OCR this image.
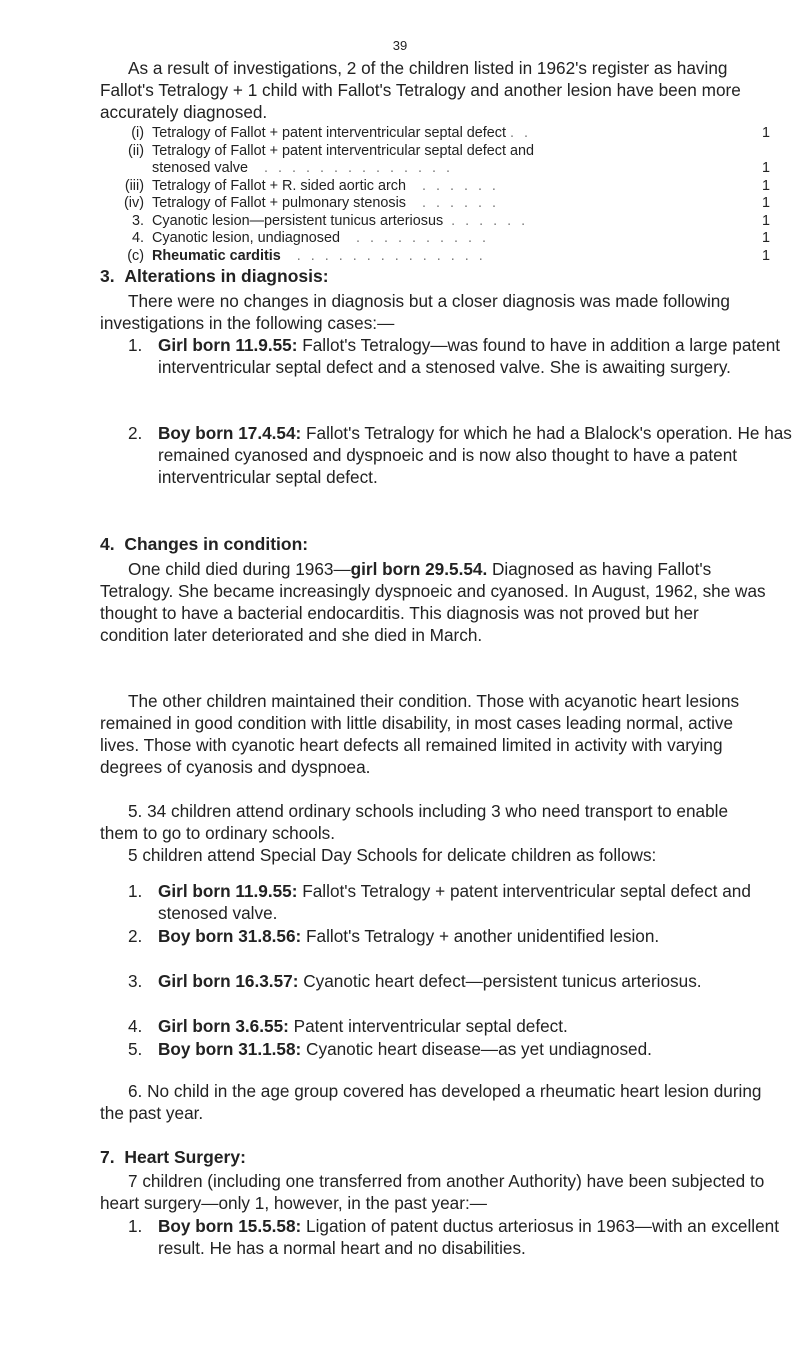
39

As a result of investigations, 2 of the children listed in 1962's register as having Fallot's Tetralogy + 1 child with Fallot's Tetralogy and another lesion have been more accurately diagnosed.

(i) Tetralogy of Fallot + patent interventricular septal defect . .	1
(ii) Tetralogy of Fallot + patent interventricular septal defect and
stenosed valve . . . . . . . . . . . . . .	1
(iii) Tetralogy of Fallot + R. sided aortic arch . . . . . .	1
(iv) Tetralogy of Fallot + pulmonary stenosis . . . . . .	1
3. Cyanotic lesion—persistent tunicus arteriosus . . . . . .	1
4. Cyanotic lesion, undiagnosed . . . . . . . . . .	1
(c) Rheumatic carditis . . . . . . . . . . . . . .	1
3. Alterations in diagnosis:

There were no changes in diagnosis but a closer diagnosis was made following investigations in the following cases:—

1. Girl born 11.9.55: Fallot's Tetralogy—was found to have in addition a large patent interventricular septal defect and a stenosed valve. She is awaiting surgery.

2. Boy born 17.4.54: Fallot's Tetralogy for which he had a Blalock's operation. He has remained cyanosed and dyspnoeic and is now also thought to have a patent interventricular septal defect.

4. Changes in condition:

One child died during 1963—girl born 29.5.54. Diagnosed as having Fallot's Tetralogy. She became increasingly dyspnoeic and cyanosed. In August, 1962, she was thought to have a bacterial endocarditis. This diagnosis was not proved but her condition later deteriorated and she died in March.

The other children maintained their condition. Those with acyanotic heart lesions remained in good condition with little disability, in most cases leading normal, active lives. Those with cyanotic heart defects all remained limited in activity with varying degrees of cyanosis and dyspnoea.

5. 34 children attend ordinary schools including 3 who need transport to enable them to go to ordinary schools.

5 children attend Special Day Schools for delicate children as follows:

1. Girl born 11.9.55: Fallot's Tetralogy + patent interventricular septal defect and stenosed valve.

2. Boy born 31.8.56: Fallot's Tetralogy + another unidentified lesion.

3. Girl born 16.3.57: Cyanotic heart defect—persistent tunicus arteriosus.

4. Girl born 3.6.55: Patent interventricular septal defect.

5. Boy born 31.1.58: Cyanotic heart disease—as yet undiagnosed.

6. No child in the age group covered has developed a rheumatic heart lesion during the past year.

7. Heart Surgery:

7 children (including one transferred from another Authority) have been subjected to heart surgery—only 1, however, in the past year:—

1. Boy born 15.5.58: Ligation of patent ductus arteriosus in 1963—with an excellent result. He has a normal heart and no disabilities.
